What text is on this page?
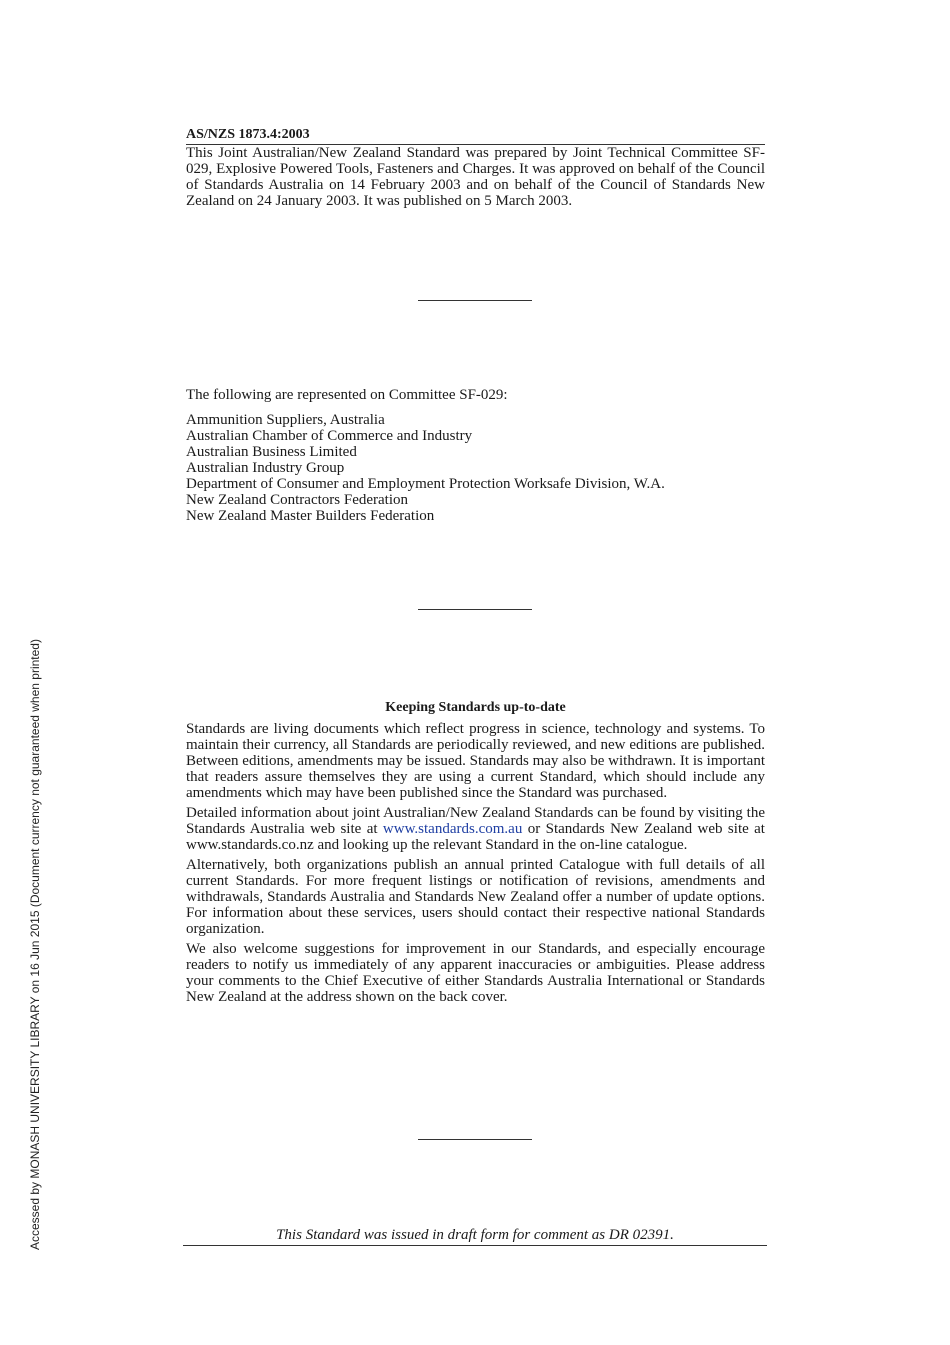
AS/NZS 1873.4:2003

This Joint Australian/New Zealand Standard was prepared by Joint Technical Committee SF-029, Explosive Powered Tools, Fasteners and Charges. It was approved on behalf of the Council of Standards Australia on 14 February 2003 and on behalf of the Council of Standards New Zealand on 24 January 2003. It was published on 5 March 2003.

The following are represented on Committee SF-029:
Ammunition Suppliers, Australia
Australian Chamber of Commerce and Industry
Australian Business Limited
Australian Industry Group
Department of Consumer and Employment Protection Worksafe Division, W.A.
New Zealand Contractors Federation
New Zealand Master Builders Federation
Keeping Standards up-to-date

Standards are living documents which reflect progress in science, technology and systems. To maintain their currency, all Standards are periodically reviewed, and new editions are published. Between editions, amendments may be issued. Standards may also be withdrawn. It is important that readers assure themselves they are using a current Standard, which should include any amendments which may have been published since the Standard was purchased.

Detailed information about joint Australian/New Zealand Standards can be found by visiting the Standards Australia web site at www.standards.com.au or Standards New Zealand web site at www.standards.co.nz and looking up the relevant Standard in the on-line catalogue.

Alternatively, both organizations publish an annual printed Catalogue with full details of all current Standards. For more frequent listings or notification of revisions, amendments and withdrawals, Standards Australia and Standards New Zealand offer a number of update options. For information about these services, users should contact their respective national Standards organization.

We also welcome suggestions for improvement in our Standards, and especially encourage readers to notify us immediately of any apparent inaccuracies or ambiguities. Please address your comments to the Chief Executive of either Standards Australia International or Standards New Zealand at the address shown on the back cover.

This Standard was issued in draft form for comment as DR 02391.
Accessed by MONASH UNIVERSITY LIBRARY on 16 Jun 2015 (Document currency not guaranteed when printed)
